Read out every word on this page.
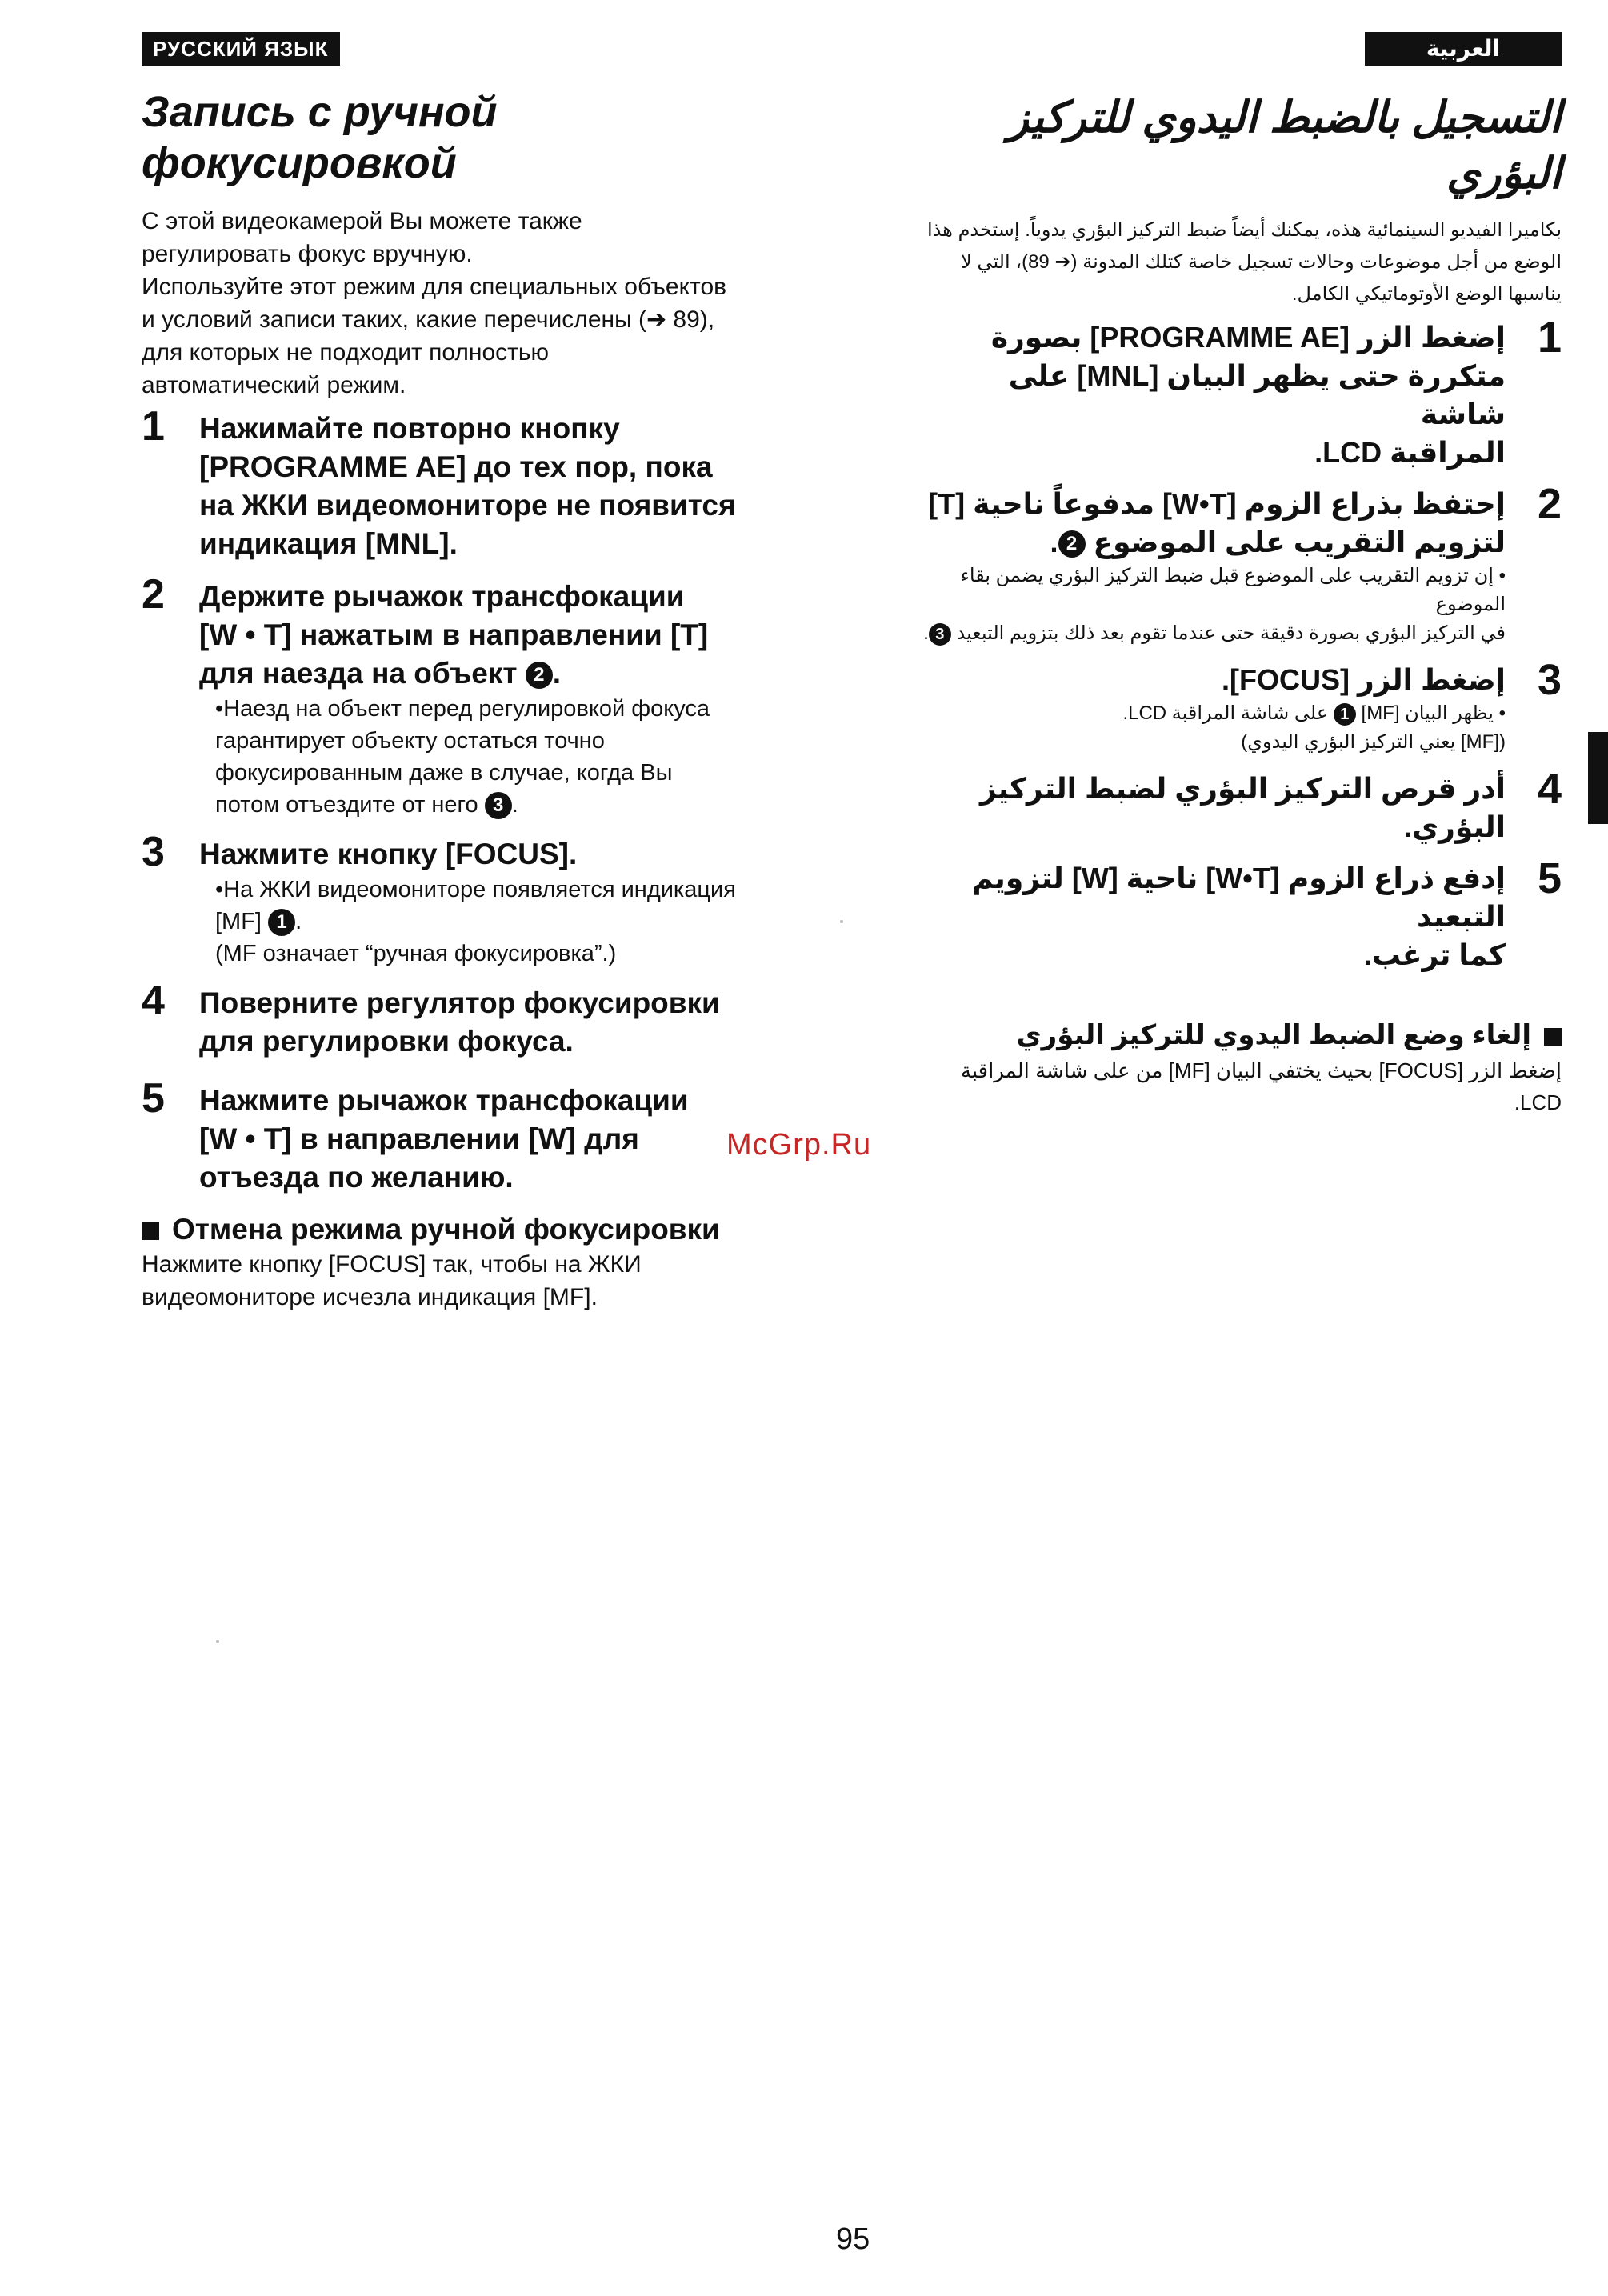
РУССКИЙ ЯЗЫК	العربية
Запись с ручной
фокусировкой
С этой видеокамерой Вы можете также
регулировать фокус вручную.
Используйте этот режим для специальных объектов
и условий записи таких, какие перечислены (➔ 89),
для которых не подходит полностью
автоматический режим.
1 Нажимайте повторно кнопку
[PROGRAMME AE] до тех пор, пока
на ЖКИ видеомониторе не появится
индикация [MNL].
2 Держите рычажок трансфокации
[W • T] нажатым в направлении [T]
для наезда на объект 2 .
•Наезд на объект перед регулировкой фокуса
гарантирует объекту остаться точно
фокусированным даже в случае, когда Вы
потом отъездите от него 3 .
3 Нажмите кнопку [FOCUS].
•На ЖКИ видеомониторе появляется индикация
[MF] 1 .
(MF означает “ручная фокусировка”.)
4 Поверните регулятор фокусировки
для регулировки фокуса.
5 Нажмите рычажок трансфокации
[W • T] в направлении [W] для
отъезда по желанию.
Отмена режима ручной фокусировки
Нажмите кнопку [FOCUS] так, чтобы на ЖКИ
видеомониторе исчезла индикация [MF].
التسجيل بالضبط اليدوي للتركيز
البؤري
بكاميرا الفيديو السينمائية هذه، يمكنك أيضاً ضبط التركيز البؤري يدوياً. إستخدم هذا
الوضع من أجل موضوعات وحالات تسجيل خاصة كتلك المدونة (➔ 89)، التي لا
يناسبها الوضع الأوتوماتيكي الكامل.
1
إضغط الزر [PROGRAMME AE] بصورة
متكررة حتى يظهر البيان [MNL] على شاشة
المراقبة LCD.
2
إحتفظ بذراع الزوم [W•T] مدفوعاً ناحية [T]
لتزويم التقريب على الموضوع 2.
• إن تزويم التقريب على الموضوع قبل ضبط التركيز البؤري يضمن بقاء الموضوع
في التركيز البؤري بصورة دقيقة حتى عندما تقوم بعد ذلك بتزويم التبعيد 3.
3
إضغط الزر [FOCUS].
• يظهر البيان [MF] 1 على شاشة المراقبة LCD.
([MF] يعني التركيز البؤري اليدوي)
4
أدر قرص التركيز البؤري لضبط التركيز البؤري.
5
إدفع ذراع الزوم [W•T] ناحية [W] لتزويم التبعيد
كما ترغب.
إلغاء وضع الضبط اليدوي للتركيز البؤري
إضغط الزر [FOCUS] بحيث يختفي البيان [MF] من على شاشة المراقبة LCD.
McGrp.Ru
95
